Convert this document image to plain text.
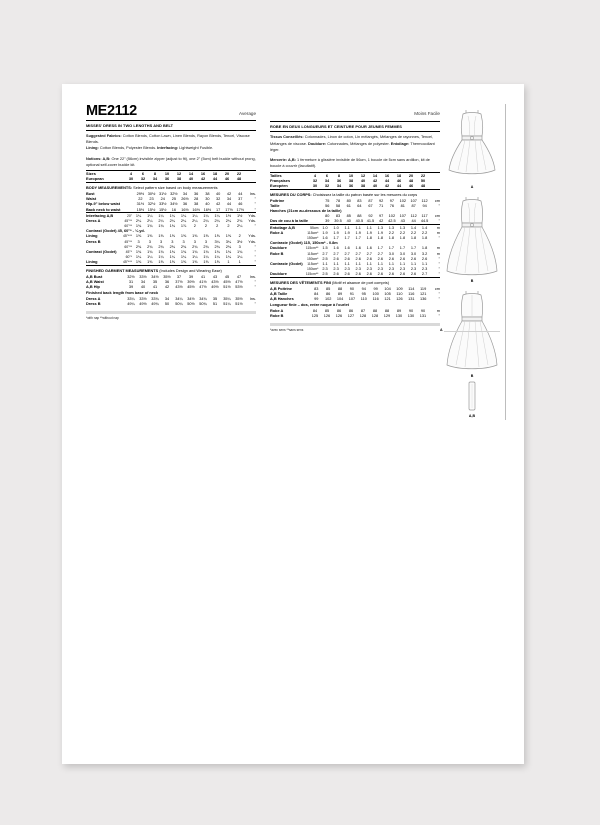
ME2112	Average
MISSES' DRESS IN TWO LENGTHS AND BELT
Suggested Fabrics: Cotton Blends, Cotton Lawn, Linen Blends, Rayon Blends, Tencel, Viscose Blends.
Lining: Cotton Blends, Polyester Blends. Interfacing: Lightweight Fusible.
Notions: A,B: One 22" (56cm) invisible zipper (adjust to fit), one 2" (5cm) belt buckle without prong, optional self-cover buckle kit.
Sizes		4	6	8	10	12	14	16	18	20	22	
European		30	32	34	36	38	40	42	44	46	48	
BODY MEASUREMENTS: Select pattern size based on body measurements
Bust		29½	30½	31½	32½	34	36	38	40	42	44	Ins.
Waist		22	23	24	25	26½	28	30	32	34	37	"
Hip-9" below waist		31½	32½	33½	34½	36	38	40	42	44	46	"
Back neck to waist		15½	15½	15½	16	16½	16½	16½	17	17½	17½	"
Interfacing A,B	20"	1¼	1¼	1¼	1¼	1¼	1¼	1¼	1¼	1½	1½	Yds.
Dress A	45"**	2¼	2¼	2¼	2¼	2¼	2¼	2¼	2¼	2¼	2¾	Yds.
	60"**	1¾	1¾	1¾	1¾	1⅞	2	2	2	2	2¼	"
Contrast (Godet) 45, 60"* - ¼ yd.												
Lining	45"***	1⅝	1⅝	1⅝	1⅝	1⅝	1⅝	1⅝	1⅝	1⅝	2	Yds.
Dress B	45"**	3	3	3	3	3	3	3	3¼	3¼	3½	Yds.
	60"**	2¾	2¾	2¾	2¾	2¾	2¾	2¾	2¾	2¾	3	"
Contrast (Godet)	45"*	1¾	1¾	1¾	1¾	1¾	1¾	1¾	1¾	1¾	1¾	"
	60"*	1¼	1¼	1¼	1¼	1¼	1¼	1¼	1¼	1¼	1¼	"
Lining	45"***	1⅝	1⅝	1⅝	1⅝	1⅝	1⅝	1⅝	1⅝	1	1	"
FINISHED GARMENT MEASUREMENTS (Includes Design and Wearing Ease)
A,B Bust		32½	33½	34½	35½	37	39	41	43	45	47	Ins.
A,B Waist		31	34	35	36	37½	39½	41½	43½	45½	47½	"
A,B Hip		39	40	41	42	43½	45½	47½	49½	51½	53½	"
Finished back length from base of neck
Dress A		33¼	33½	33¾	34	34¼	34½	34¾	35	35¼	35½	Ins.
Dress B		49¼	49½	49¾	50	50¼	50½	50¾	51	51¼	51½	"
*with nap **without nap
Moins Facile
ROBE EN DEUX LONGUEURS ET CEINTURE POUR JEUNES FEMMES
Tissus Conseillés: Cotonnades, Linon de coton, Lin mélangés, Mélanges de rayonnes, Tencel, Mélanges de viscose. Doublure: Cotonnades, Mélanges de polyester. Entoilage: Thermocollant léger.
Mercerie: A,B: 1 fermeture à glissière invisible de 56cm, 1 boucle de 5cm sans ardillon, kit de boucle à couvrir (facultatif).
Tailles		4	6	8	10	12	14	16	18	20	22	
Françaises		32	34	36	38	40	42	44	46	48	50	
Européen		30	32	34	36	38	40	42	44	46	48	
MESURES DU CORPS: Choisissez la taille du patron basée sur les mesures du corps
Poitrine		75	78	80	83	87	92	97	102	107	112	cm
Taille		56	58	61	64	67	71	76	81	87	94	"
Hanches (21cm au-dessous de la taille)												
		80	83	85	88	92	97	102	107	112	117	cm
Dos de cou à la taille		39	39.5	40	40.5	41.5	42	42.5	43	44	44.5	"
Entoilage A,B	55cm	1.0	1.0	1.1	1.1	1.1	1.3	1.3	1.3	1.4	1.4	m
Robe A	115cm*	1.9	1.9	1.9	1.9	1.9	1.9	2.2	2.2	2.2	2.2	m
	150cm*	1.6	1.7	1.7	1.7	1.8	1.8	1.8	1.8	1.8	1.8	"
Contraste (Godet) 115, 150cm* - 0.8m												
Doublure	115cm**	1.5	1.6	1.6	1.6	1.6	1.7	1.7	1.7	1.7	1.8	m
Robe B	115cm*	2.7	2.7	2.7	2.7	2.7	2.7	3.0	3.0	3.0	3.2	m
	150cm*	2.5	2.6	2.6	2.6	2.6	2.6	2.6	2.6	2.6	2.6	"
Contraste (Godet)	115cm*	1.1	1.1	1.1	1.1	1.1	1.1	1.1	1.1	1.1	1.1	"
	150cm*	2.3	2.3	2.3	2.3	2.3	2.3	2.3	2.3	2.3	2.3	"
Doublure	115cm**	2.5	2.6	2.6	2.6	2.6	2.6	2.6	2.6	2.6	2.7	"
MESURES DES VÊTEMENTS FINI (Motif et aisance de port compris)
A,B Poitrine		83	85	88	90	94	99	104	109	114	119	cm
A,B Taille		84	86	89	91	95	100	105	110	116	121	"
A,B Hanches		99	102	104	107	110	116	121	126	131	136	"
Longueur finie – dos, entre nuque à l'ourlet
Robe A		84	85	86	86	87	88	88	89	90	90	m
Robe B		125	126	126	127	128	128	129	130	130	131	"
*avec sens **sans sens
A
B
A
B
A,B
